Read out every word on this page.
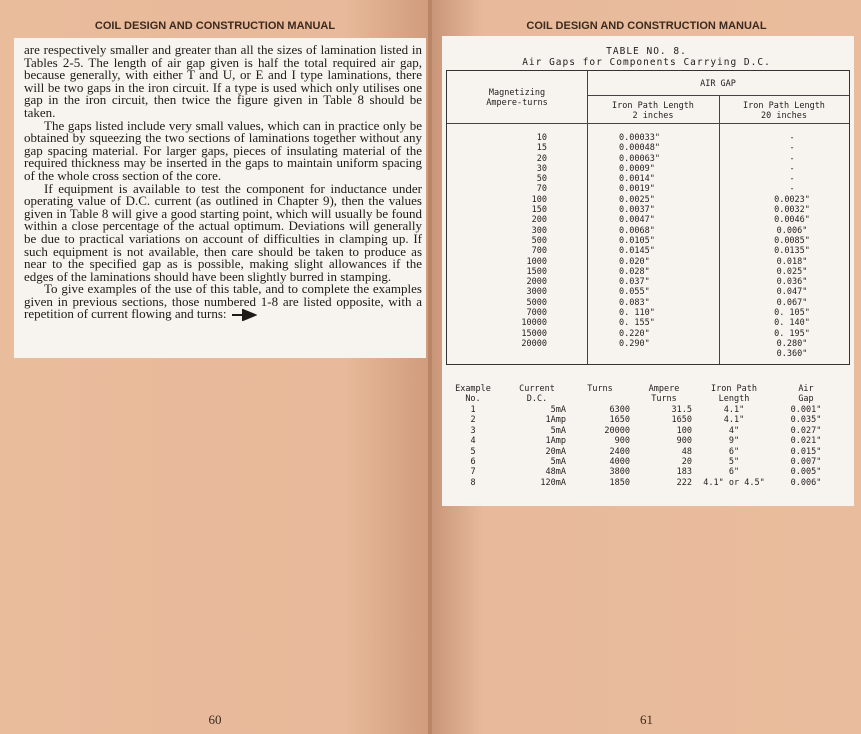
COIL DESIGN AND CONSTRUCTION MANUAL

are respectively smaller and greater than all the sizes of lamination listed in Tables 2-5. The length of air gap given is half the total required air gap, because generally, with either T and U, or E and I type laminations, there will be two gaps in the iron circuit. If a type is used which only utilises one gap in the iron circuit, then twice the figure given in Table 8 should be taken.

The gaps listed include very small values, which can in practice only be obtained by squeezing the two sections of laminations together without any gap spacing material. For larger gaps, pieces of insulating material of the required thickness may be inserted in the gaps to maintain uniform spacing of the whole cross section of the core.

If equipment is available to test the component for inductance under operating value of D.C. current (as outlined in Chapter 9), then the values given in Table 8 will give a good starting point, which will usually be found within a close percentage of the actual optimum. Deviations will generally be due to practical variations on account of difficulties in clamping up. If such equipment is not available, then care should be taken to produce as near to the specified gap as is possible, making slight allowances if the edges of the laminations should have been slightly burred in stamping.

To give examples of the use of this table, and to complete the examples given in previous sections, those numbered 1-8 are listed opposite, with a repetition of current flowing and turns:

60
COIL DESIGN AND CONSTRUCTION MANUAL
TABLE NO. 8.
Air Gaps for Components Carrying D.C.
Magnetizing
Ampere-turns
AIR GAP
Iron Path Length
2 inches
Iron Path Length
20 inches
10
15
20
30
50
70
100
150
200
300
500
700
1000
1500
2000
3000
5000
7000
10000
15000
20000
0.00033"
0.00048"
0.00063"
0.0009"
0.0014"
0.0019"
0.0025"
0.0037"
0.0047"
0.0068"
0.0105"
0.0145"
0.020"
0.028"
0.037"
0.055"
0.083"
0. 110"
0. 155"
0.220"
0.290"
-
-
-
-
-
-
0.0023"
0.0032"
0.0046"
0.006"
0.0085"
0.0135"
0.018"
0.025"
0.036"
0.047"
0.067"
0. 105"
0. 140"
0. 195"
0.280"
0.360"
Example
No.
Current
D.C.
Turns	Ampere
Turns
Iron Path
Length
Air
Gap
1
2
3
4
5
6
7
8
5mA
1Amp
5mA
1Amp
20mA
5mA
48mA
120mA
6300
1650
20000
900
2400
4000
3800
1850
31.5
1650
100
900
48
20
183
222
4.1"
4.1"
4"
9"
6"
5"
6"
4.1" or 4.5"
0.001"
0.035"
0.027"
0.021"
0.015"
0.007"
0.005"
0.006"
61
